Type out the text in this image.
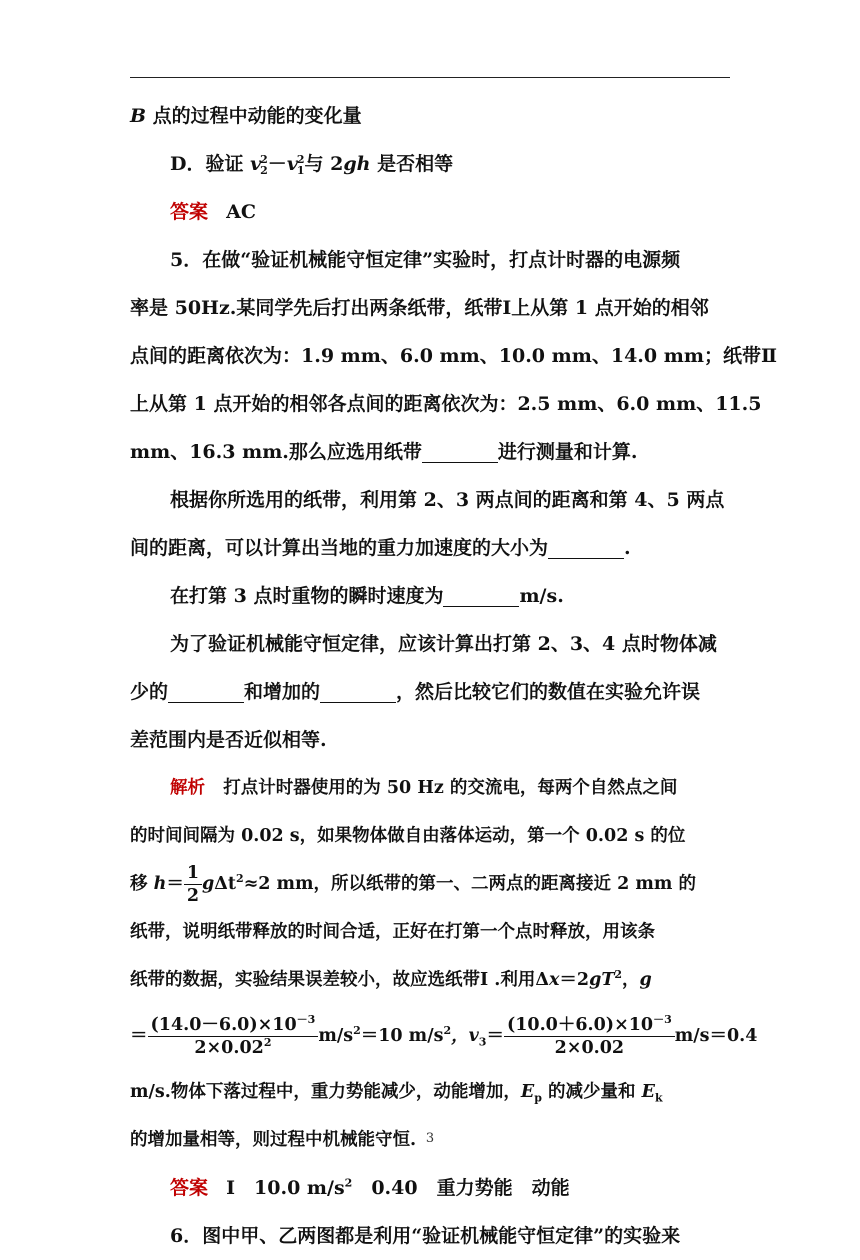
B 点的过程中动能的变化量
D．验证 v 2
2 －v 2
1 与 2gh 是否相等
答案 AC
5．在做“验证机械能守恒定律”实验时，打点计时器的电源频
率是 50Hz.某同学先后打出两条纸带，纸带Ⅰ上从第 1 点开始的相邻
点间的距离依次为：1.9 mm、6.0 mm、10.0 mm、14.0 mm；纸带Ⅱ
上从第 1 点开始的相邻各点间的距离依次为：2.5 mm、6.0 mm、11.5
mm、16.3 mm.那么应选用纸带	进行测量和计算.
根据你所选用的纸带，利用第 2、3 两点间的距离和第 4、5 两点
间的距离，可以计算出当地的重力加速度的大小为	.
在打第 3 点时重物的瞬时速度为	m/s.
为了验证机械能守恒定律，应该计算出打第 2、3、4 点时物体减
少的	和增加的	，然后比较它们的数值在实验允许误
差范围内是否近似相等.
解析 打点计时器使用的为 50 Hz 的交流电，每两个自然点之间
的时间间隔为 0.02 s，如果物体做自由落体运动，第一个 0.02 s 的位
移 $h= \frac{1}{2} g\Delta t^2\approx 2$ mm，所以纸带的第一、二两点的距离接近 2 mm 的
纸带，说明纸带释放的时间合适，正好在打第一个点时释放，用该条
纸带的数据，实验结果误差较小，故应选纸带Ⅰ .利用$\Delta x=2gT^2$，g
＝ $\frac{(14.0-6.0)\times 10^{-3}}{2\times 0.02^2} m/s^2=10$ $m/s^2$，$v_3= \frac{(10.0+6.0)\times 10^{-3}}{2\times 0.02} m/s=0.4$
m/s.物体下落过程中，重力势能减少，动能增加，$E_p$ 的减少量和 $E_k$
的增加量相等，则过程中机械能守恒.
答案 Ⅰ　10.0 $m/s^2$　0.40　重力势能　动能
6．图中甲、乙两图都是利用“验证机械能守恒定律”的实验来
3
